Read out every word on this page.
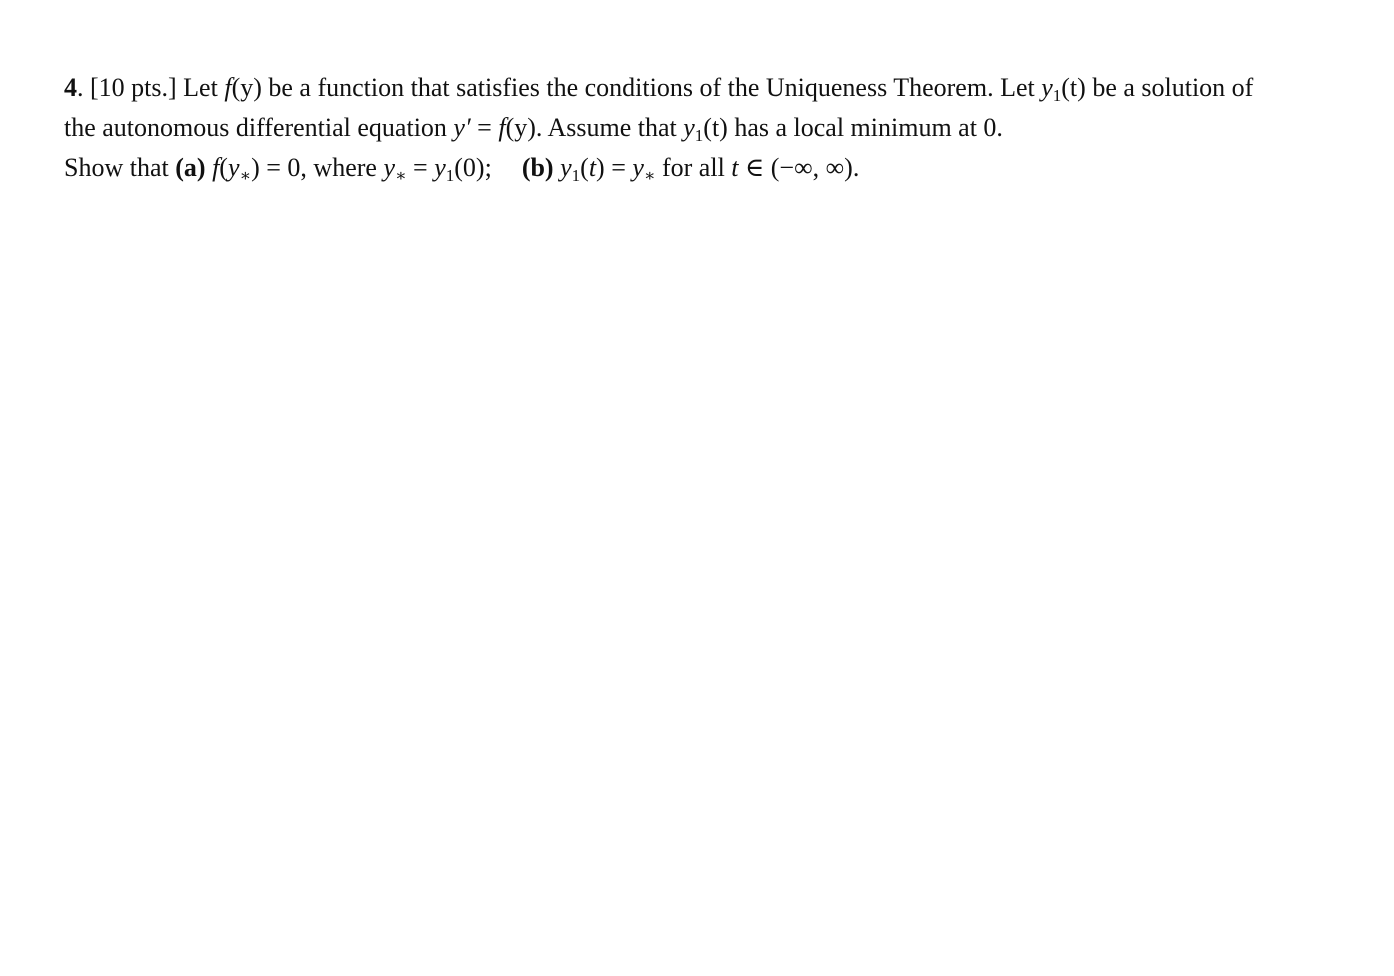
4. [10 pts.] Let f(y) be a function that satisfies the conditions of the Uniqueness Theorem. Let $y_1(t)$ be a solution of
the autonomous differential equation y′ = f(y). Assume that $y_1(t)$ has a local minimum at 0.
Show that (a) $f(y_∗) = 0$, where $y_∗ = y_1(0)$; (b) $y_1(t) = y_∗$ for all t ∈ (−∞, ∞).
